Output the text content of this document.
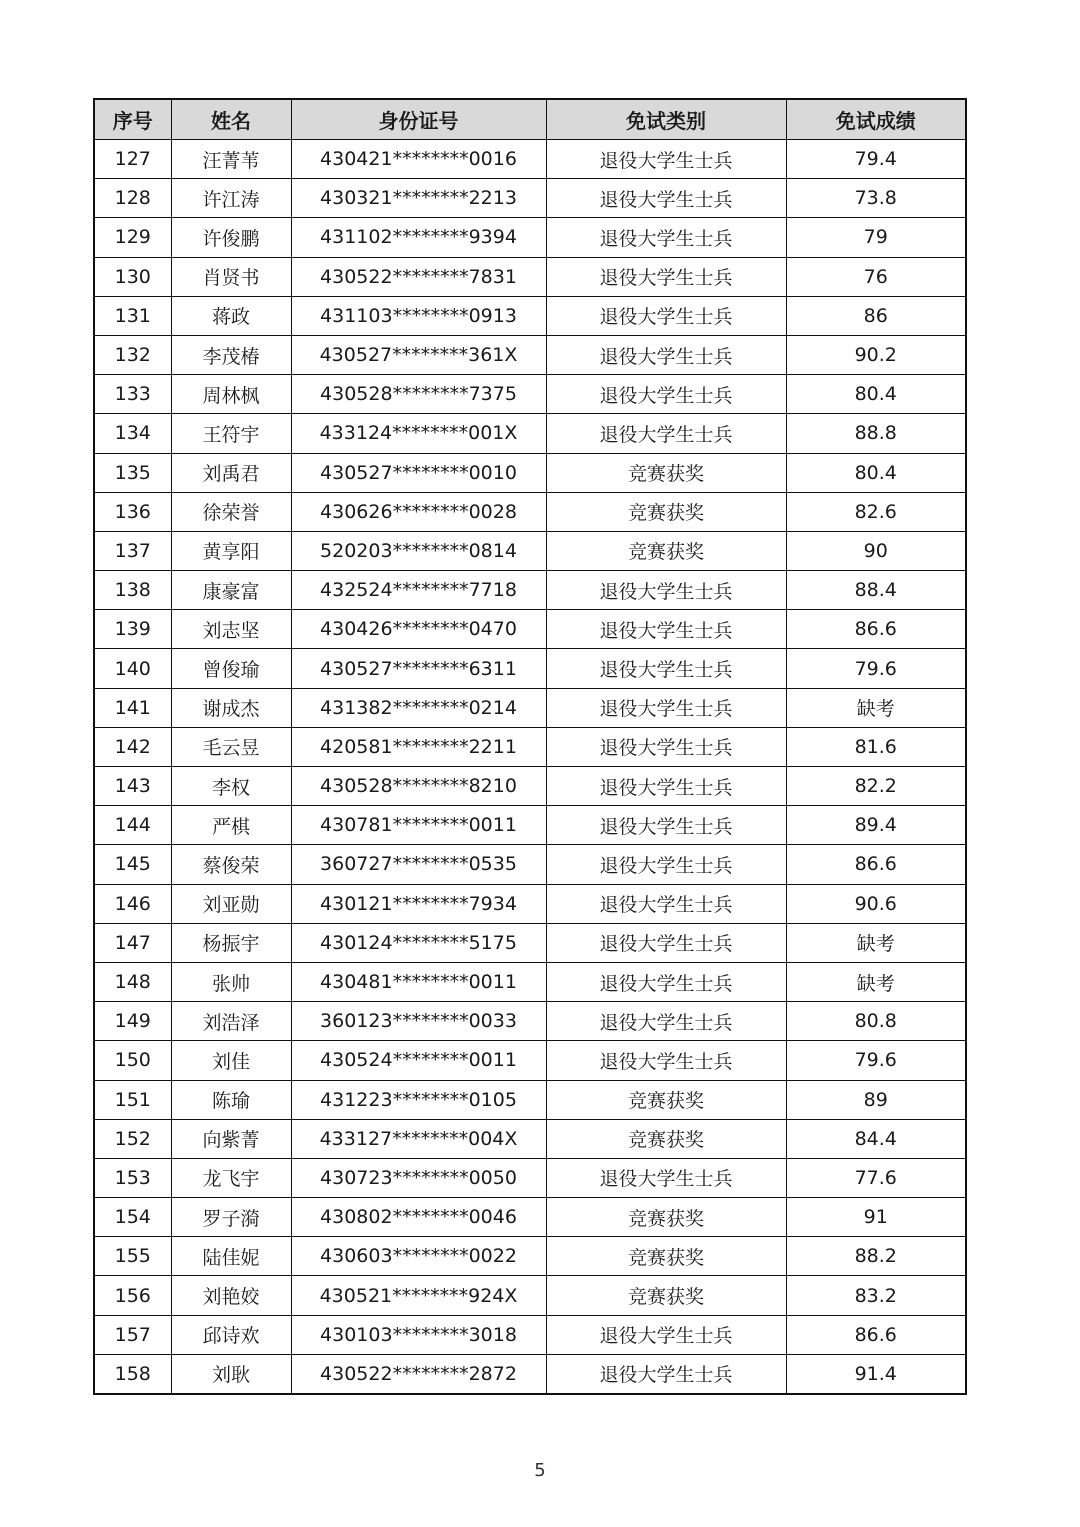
序号	姓名	身份证号	免试类别	免试成绩
127	汪菁苇	430421********0016	退役大学生士兵	79.4
128	许江涛	430321********2213	退役大学生士兵	73.8
129	许俊鹏	431102********9394	退役大学生士兵	79
130	肖贤书	430522********7831	退役大学生士兵	76
131	蒋政	431103********0913	退役大学生士兵	86
132	李茂椿	430527********361X	退役大学生士兵	90.2
133	周林枫	430528********7375	退役大学生士兵	80.4
134	王符宇	433124********001X	退役大学生士兵	88.8
135	刘禹君	430527********0010	竞赛获奖	80.4
136	徐荣誉	430626********0028	竞赛获奖	82.6
137	黄享阳	520203********0814	竞赛获奖	90
138	康豪富	432524********7718	退役大学生士兵	88.4
139	刘志坚	430426********0470	退役大学生士兵	86.6
140	曾俊瑜	430527********6311	退役大学生士兵	79.6
141	谢成杰	431382********0214	退役大学生士兵	缺考
142	毛云昱	420581********2211	退役大学生士兵	81.6
143	李权	430528********8210	退役大学生士兵	82.2
144	严棋	430781********0011	退役大学生士兵	89.4
145	蔡俊荣	360727********0535	退役大学生士兵	86.6
146	刘亚勋	430121********7934	退役大学生士兵	90.6
147	杨振宇	430124********5175	退役大学生士兵	缺考
148	张帅	430481********0011	退役大学生士兵	缺考
149	刘浩泽	360123********0033	退役大学生士兵	80.8
150	刘佳	430524********0011	退役大学生士兵	79.6
151	陈瑜	431223********0105	竞赛获奖	89
152	向紫菁	433127********004X	竞赛获奖	84.4
153	龙飞宇	430723********0050	退役大学生士兵	77.6
154	罗子漪	430802********0046	竞赛获奖	91
155	陆佳妮	430603********0022	竞赛获奖	88.2
156	刘艳姣	430521********924X	竞赛获奖	83.2
157	邱诗欢	430103********3018	退役大学生士兵	86.6
158	刘耿	430522********2872	退役大学生士兵	91.4
5
